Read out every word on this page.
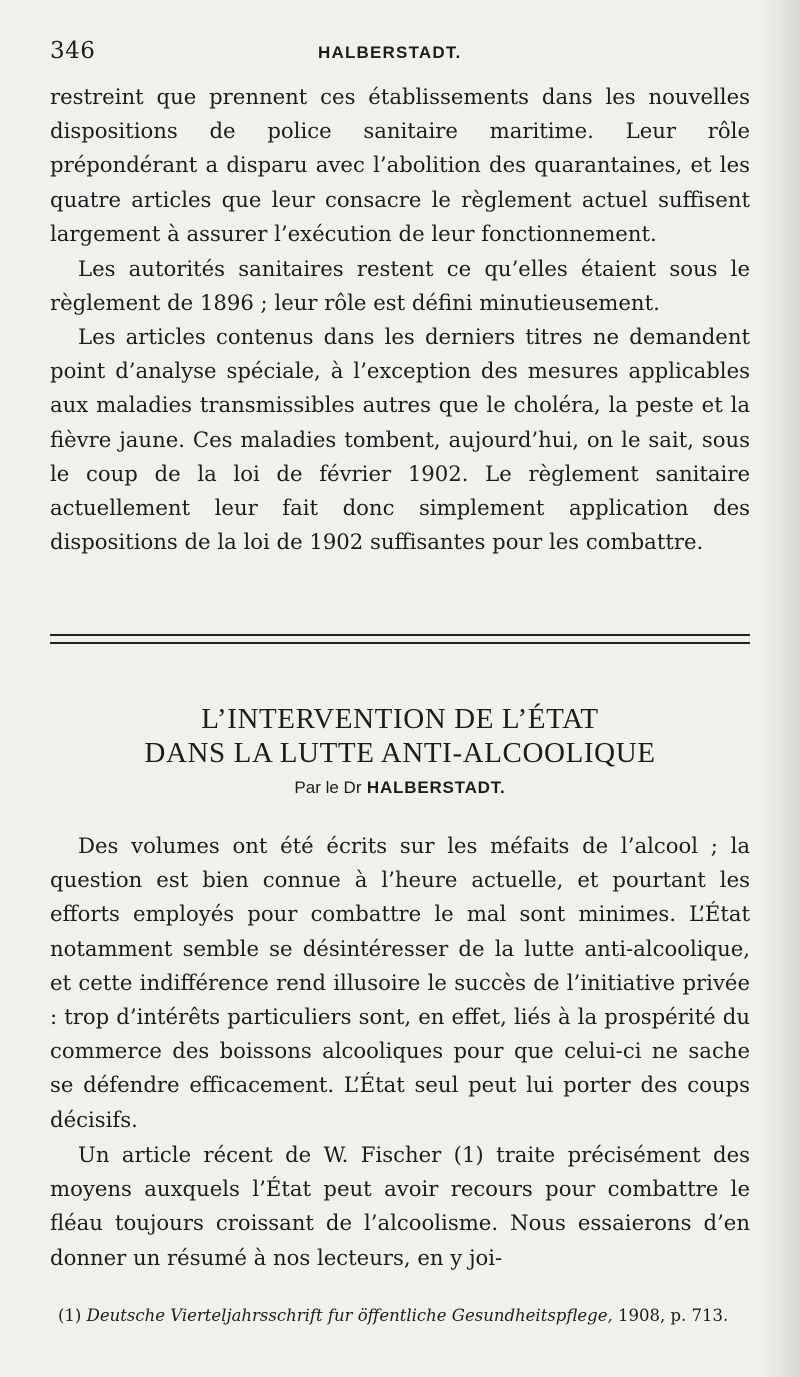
346	HALBERSTADT.

restreint que prennent ces établissements dans les nouvelles dispositions de police sanitaire maritime. Leur rôle prépondérant a disparu avec l’abolition des quarantaines, et les quatre articles que leur consacre le règlement actuel suffisent largement à assurer l’exécution de leur fonctionnement.

Les autorités sanitaires restent ce qu’elles étaient sous le règlement de 1896 ; leur rôle est défini minutieusement.

Les articles contenus dans les derniers titres ne demandent point d’analyse spéciale, à l’exception des mesures applicables aux maladies transmissibles autres que le choléra, la peste et la fièvre jaune. Ces maladies tombent, aujourd’hui, on le sait, sous le coup de la loi de février 1902. Le règlement sanitaire actuellement leur fait donc simplement application des dispositions de la loi de 1902 suffisantes pour les combattre.

L’INTERVENTION DE L’ÉTAT
DANS LA LUTTE ANTI-ALCOOLIQUE
Par le Dr HALBERSTADT.

Des volumes ont été écrits sur les méfaits de l’alcool ; la question est bien connue à l’heure actuelle, et pourtant les efforts employés pour combattre le mal sont minimes. L’État notamment semble se désintéresser de la lutte anti-alcoolique, et cette indifférence rend illusoire le succès de l’initiative privée : trop d’intérêts particuliers sont, en effet, liés à la prospérité du commerce des boissons alcooliques pour que celui-ci ne sache se défendre efficacement. L’État seul peut lui porter des coups décisifs.

Un article récent de W. Fischer (1) traite précisément des moyens auxquels l’État peut avoir recours pour combattre le fléau toujours croissant de l’alcoolisme. Nous essaierons d’en donner un résumé à nos lecteurs, en y joi-

(1) Deutsche Vierteljahrsschrift fur öffentliche Gesundheitspflege, 1908, p. 713.
